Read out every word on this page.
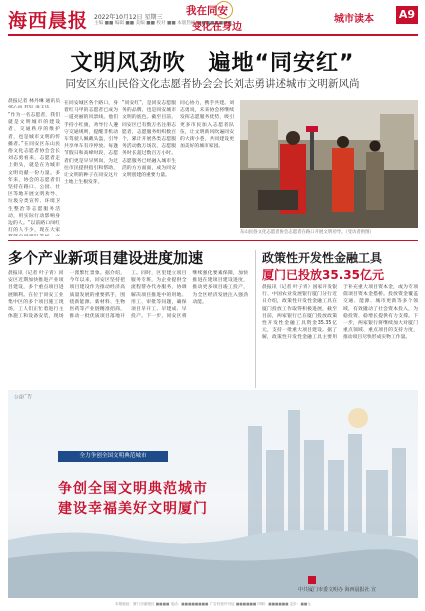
海西晨报 2022年10月12日 星期三
主编 ■■ 编辑 ■■ 美编 ■■ 校对 ■■ 本版热线 ■■■■■■■■
我在同安
变化在身边
城市读本 A9
文明风劲吹　遍地“同安红”
同安区东山民俗文化志愿者协会会长刘志勇讲述城市文明新风尚
晨报记者 林丹琳 通讯员
“作为一名志愿者，我们就是文明城市的建设者、交通秩序的维护者，也是城市文明的传播者。”在同安区东山民俗文化志愿者协会会长刘志勇看来，志愿者走上街头，就是在为城市文明贡献一份力量。多年来，协会的志愿者们坚持在路口、公园、社区等地开展文明劝导、垃圾分类宣传、环境卫生整治等志愿服务活动，用实际行动影响身边的人。“以前路口闯红灯的人不少，现在大家
在同安城区各个路口，身着红马甲的志愿者已成为一道亮丽的风景线。他们手持小红旗，劝导行人遵守交通规则，提醒非机动车驾驶人佩戴头盔，引导共享单车有序停放。每逢节假日和高峰时段，志愿者们更是早早到岗，为过往市民提供指引和帮助，让文明的种子在同安这片土地上生根发芽。
“同安红”，是同安志愿服务的品牌，也是同安城市文明的底色。截至目前，同安区已有数万名注册志愿者，志愿服务组织数百个，累计开展各类志愿服务活动数万场次，志愿服务时长超过数百万小时。志愿服务已经融入城市生活的方方面面，成为同安文明创建的重要力量。
同心协力，携手共建。刘志勇说，未来协会将继续发挥志愿服务优势，吸引更多市民加入志愿者队伍，让文明新风吹遍同安的大街小巷，共同建设更加美好的城市家园。
东山民俗文化志愿者协会志愿者在路口开展文明劝导。（受访者供图）
多个产业新项目建设进度加速
晨报讯（记者 叶子青）同安区近期加快推进产业项目建设，多个重点项目进展顺利。在位于同安工业集中区的多个项目施工现场，工人们正忙着进行主体施工和设备安装，现场一派繁忙景象。据介绍，今年以来，同安区坚持把项目建设作为推动经济高质量发展的重要抓手，围绕新能源、新材料、生物医药等产业链精准招商，推动一批优质项目落地开工。同时，区里建立项目服务专班，为企业提供全流程帮办代办服务，协调解决项目推进中的用地、用工、审批等问题，确保项目早开工、早建成、早投产。下一步，同安区将继续强化要素保障，加快推进在建项目建设进度，推动更多项目竣工投产，为全区经济发展注入强劲动能。
政策性开发性金融工具
厦门已投放35.35亿元
晨报讯（记者 叶子青）国家开发银行、中国农业发展银行厦门分行近日介绍，政策性开发性金融工具在厦门投放工作取得积极进展，截至目前，两家银行已在厦门投放政策性开发性金融工具资金35.35亿元，支持一批重大项目建设。据了解，政策性开发性金融工具主要用于补充重大项目资本金，或为专项债项目资本金搭桥。投放资金覆盖交通、能源、城市更新等多个领域，有效撬动了社会资本投入，为稳投资、稳增长提供有力支撑。下一步，两家银行将继续加大对厦门重点领域、重点项目的支持力度，推动项目尽快形成实物工作量。
公益广告
全力争创全国文明典范城市
争创全国文明典范城市
建设幸福美好文明厦门
中共厦门市委文明办 海西晨报社 宣
本报地址：厦门市湖里区 ■■■■ 电话：■■■■■■■■ 广告经营许可证 ■■■■■■ 印刷：■■■■■■ 定价：■■元
